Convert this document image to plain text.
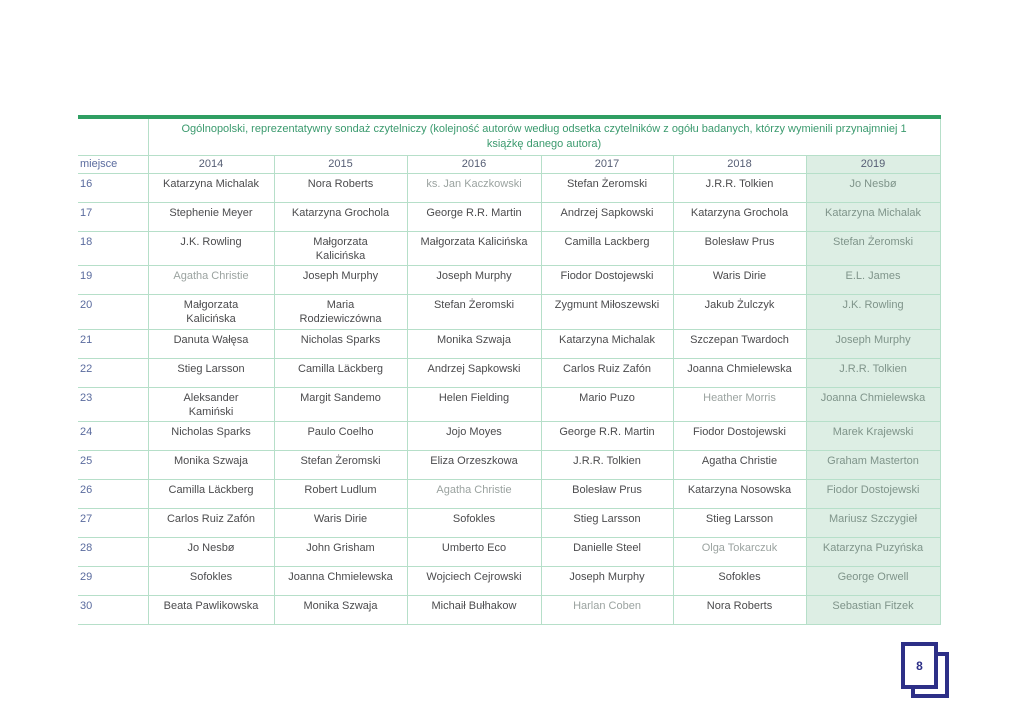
	Ogólnopolski, reprezentatywny sondaż czytelniczy (kolejność autorów według odsetka czytelników z ogółu badanych, którzy wymienili przynajmniej 1 książkę danego autora)					
miejsce	2014	2015	2016	2017	2018	2019
16	Katarzyna Michalak	Nora Roberts	ks. Jan Kaczkowski	Stefan Żeromski	J.R.R. Tolkien	Jo Nesbø
17	Stephenie Meyer	Katarzyna Grochola	George R.R. Martin	Andrzej Sapkowski	Katarzyna Grochola	Katarzyna Michalak
18	J.K. Rowling	Małgorzata Kalicińska	Małgorzata Kalicińska	Camilla Lackberg	Bolesław Prus	Stefan Żeromski
19	Agatha Christie	Joseph Murphy	Joseph Murphy	Fiodor Dostojewski	Waris Dirie	E.L. James
20	Małgorzata Kalicińska	Maria Rodziewiczówna	Stefan Żeromski	Zygmunt Miłoszewski	Jakub Żulczyk	J.K. Rowling
21	Danuta Wałęsa	Nicholas Sparks	Monika Szwaja	Katarzyna Michalak	Szczepan Twardoch	Joseph Murphy
22	Stieg Larsson	Camilla Läckberg	Andrzej Sapkowski	Carlos Ruiz Zafón	Joanna Chmielewska	J.R.R. Tolkien
23	Aleksander Kamiński	Margit Sandemo	Helen Fielding	Mario Puzo	Heather Morris	Joanna Chmielewska
24	Nicholas Sparks	Paulo Coelho	Jojo Moyes	George R.R. Martin	Fiodor Dostojewski	Marek Krajewski
25	Monika Szwaja	Stefan Żeromski	Eliza Orzeszkowa	J.R.R. Tolkien	Agatha Christie	Graham Masterton
26	Camilla Läckberg	Robert Ludlum	Agatha Christie	Bolesław Prus	Katarzyna Nosowska	Fiodor Dostojewski
27	Carlos Ruiz Zafón	Waris Dirie	Sofokles	Stieg Larsson	Stieg Larsson	Mariusz Szczygieł
28	Jo Nesbø	John Grisham	Umberto Eco	Danielle Steel	Olga Tokarczuk	Katarzyna Puzyńska
29	Sofokles	Joanna Chmielewska	Wojciech Cejrowski	Joseph Murphy	Sofokles	George Orwell
30	Beata Pawlikowska	Monika Szwaja	Michaił Bułhakow	Harlan Coben	Nora Roberts	Sebastian Fitzek
8
